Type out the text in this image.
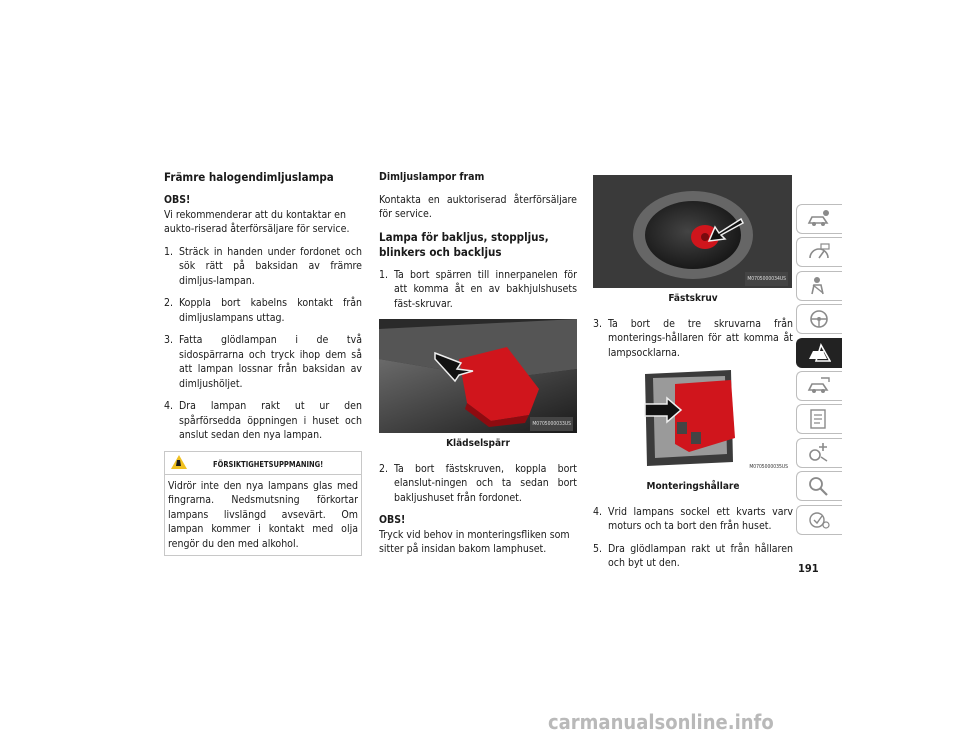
Främre halogendimljuslampa
OBS!

Vi rekommenderar att du kontaktar en aukto-riserad återförsäljare för service.

1. Sträck in handen under fordonet och sök rätt på baksidan av främre dimljus-lampan.
2. Koppla bort kabelns kontakt från dimljuslampans uttag.
3. Fatta glödlampan i de två sidospärrarna och tryck ihop dem så att lampan lossnar från baksidan av dimljushöljet.
4. Dra lampan rakt ut ur den spårförsedda öppningen i huset och anslut sedan den nya lampan.
FÖRSIKTIGHETSUPPMANING!
Vidrör inte den nya lampans glas med fingrarna. Nedsmutsning förkortar lampans livslängd avsevärt. Om lampan kommer i kontakt med olja rengör du den med alkohol.
Dimljuslampor fram

Kontakta en auktoriserad återförsäljare för service.

Lampa för bakljus, stoppljus, blinkers och backljus
1. Ta bort spärren till innerpanelen för att komma åt en av bakhjulshusets fäst-skruvar.
M0705000033US
Klädselspärr
2. Ta bort fästskruven, koppla bort elanslut-ningen och ta sedan bort bakljushuset från fordonet.
OBS!

Tryck vid behov in monteringsfliken som sitter på insidan bakom lamphuset.

M0705000034US
Fästskruv
3. Ta bort de tre skruvarna från monterings-hållaren för att komma åt lampsocklarna.
M0705000035US
Monteringshållare
4. Vrid lampans sockel ett kvarts varv moturs och ta bort den från huset.
5. Dra glödlampan rakt ut från hållaren och byt ut den.	191
carmanualsonline.info
